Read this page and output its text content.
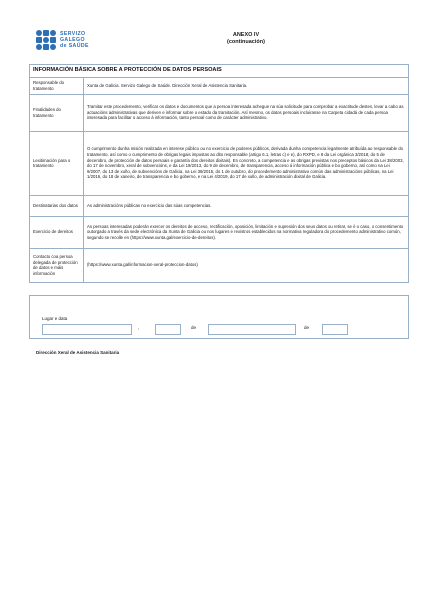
SERVIZO
GALEGO
de SAÚDE
ANEXO IV
(continuación)
INFORMACIÓN BÁSICA SOBRE A PROTECCIÓN DE DATOS PERSOAIS	
Responsable do tratamento	Xunta de Galicia. Servizo Galego de Saúde. Dirección Xeral de Asistencia Sanitaria.
Finalidades do tratamento	Tramitar este procedemento, verificar os datos e documentos que a persoa interesada achegue na súa solicitude para comprobar a exactitude destes, levar a cabo as actuacións administrativas que deriven e informar sobre o estado da tramitación. Así mesmo, os datos persoais incluiranse na Carpeta cidadá de cada persoa interesada para facilitar o acceso á información, tanto persoal como de carácter administrativo.
Lexitimación para o tratamento	O cumprimento dunha misión realizada en interese público ou no exercicio de poderes públicos, derivada dunha competencia legalmente atribuída ao responsable do tratamento, así como o cumprimento de obrigas legais impostas ao dito responsable (artigo 6.1, letras c) e e), do RXPD, e 8 da Lei orgánica 3/2018, do 5 de decembro, de protección de datos persoais e garantía dos dereitos dixitais). En concreto, a competencia e as obrigas previstas nos preceptos básicos da Lei 38/2003, do 17 de novembro, xeral de subvencións, e da Lei 19/2013, do 9 de decembro, de transparencia, acceso á información pública e bo goberno, así como na Lei 9/2007, do 13 de xuño, de subvencións de Galicia, na Lei 39/2015, do 1 de outubro, do procedemento administrativo común das administracións públicas, na Lei 1/2016, do 18 de xaneiro, de transparencia e bo goberno, e na Lei 4/2019, do 17 de xullo, de administración dixital de Galicia.
Destinatarias dos datos	As administracións públicas no exercicio das súas competencias.
Exercicio de dereitos	As persoas interesadas poderán exercer os dereitos de acceso, rectificación, oposición, limitación e supresión dos seus datos ou retirar, se é o caso, o consentimento outorgado a través da sede electrónica da Xunta de Galicia ou nos lugares e rexistros establecidos na normativa reguladora do procedemento administrativo común, segundo se recolle en (https://www.xunta.gal/exercicio-de-dereitos).
Contacto coa persoa delegada de protección de datos e máis información	(https://www.xunta.gal/informacion-xeral-proteccion-datos)
Lugar e data
,	de	de
Dirección Xeral de Asistencia Sanitaria
